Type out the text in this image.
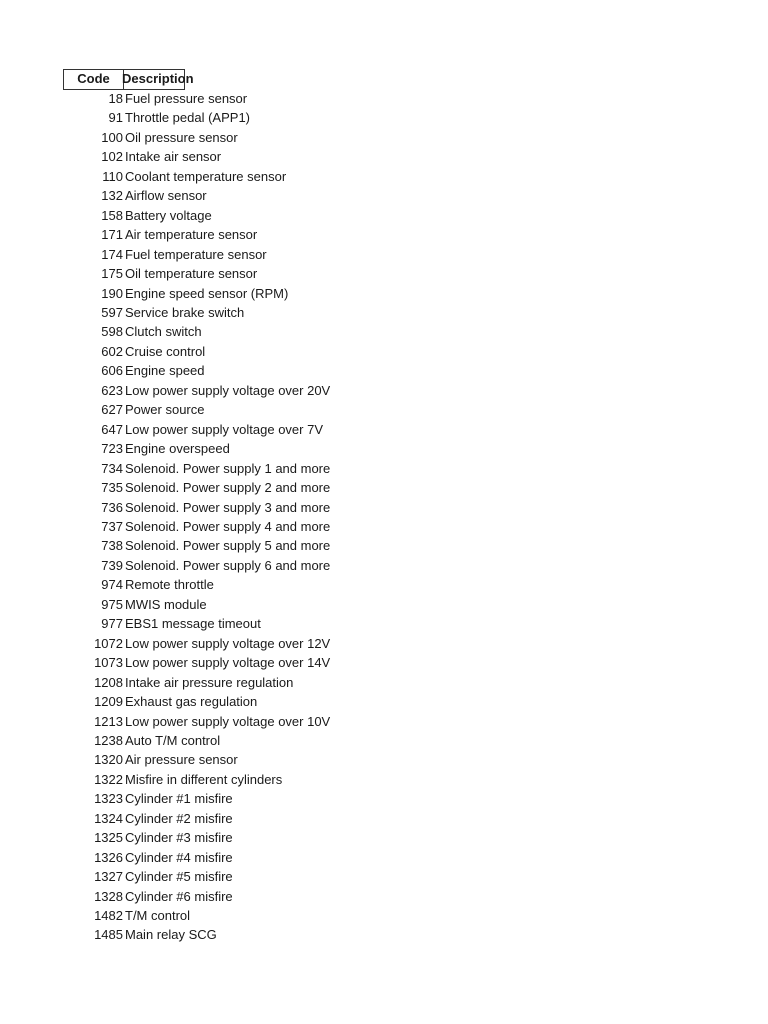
Code Description
18 Fuel pressure sensor
91 Throttle pedal (APP1)
100 Oil pressure sensor
102 Intake air sensor
110 Coolant temperature sensor
132 Airflow sensor
158 Battery voltage
171 Air temperature sensor
174 Fuel temperature sensor
175 Oil temperature sensor
190 Engine speed sensor (RPM)
597 Service brake switch
598 Clutch switch
602 Cruise control
606 Engine speed
623 Low power supply voltage over 20V
627 Power source
647 Low power supply voltage over 7V
723 Engine overspeed
734 Solenoid. Power supply 1 and more
735 Solenoid. Power supply 2 and more
736 Solenoid. Power supply 3 and more
737 Solenoid. Power supply 4 and more
738 Solenoid. Power supply 5 and more
739 Solenoid. Power supply 6 and more
974 Remote throttle
975 MWIS module
977 EBS1 message timeout
1072 Low power supply voltage over 12V
1073 Low power supply voltage over 14V
1208 Intake air pressure regulation
1209 Exhaust gas regulation
1213 Low power supply voltage over 10V
1238 Auto T/M control
1320 Air pressure sensor
1322 Misfire in different cylinders
1323 Cylinder #1 misfire
1324 Cylinder #2 misfire
1325 Cylinder #3 misfire
1326 Cylinder #4 misfire
1327 Cylinder #5 misfire
1328 Cylinder #6 misfire
1482 T/M control
1485 Main relay SCG
